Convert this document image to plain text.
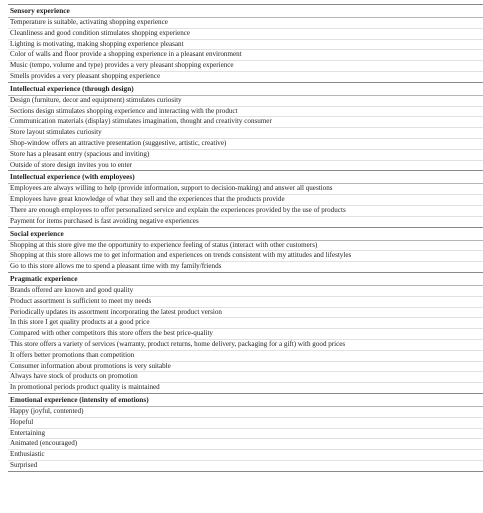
Sensory experience
Temperature is suitable, activating shopping experience
Cleanliness and good condition stimulates shopping experience
Lighting is motivating, making shopping experience pleasant
Color of walls and floor provide a shopping experience in a pleasant environment
Music (tempo, volume and type) provides a very pleasant shopping experience
Smells provides a very pleasant shopping experience
Intellectual experience (through design)
Design (furniture, decor and equipment) stimulates curiosity
Sections design stimulates shopping experience and interacting with the product
Communication materials (display) stimulates imagination, thought and creativity consumer
Store layout stimulates curiosity
Shop-window offers an attractive presentation (suggestive, artistic, creative)
Store has a pleasant entry (spacious and inviting)
Outside of store design invites you to enter
Intellectual experience (with employees)
Employees are always willing to help (provide information, support to decision-making) and answer all questions
Employees have great knowledge of what they sell and the experiences that the products provide
There are enough employees to offer personalized service and explain the experiences provided by the use of products
Payment for items purchased is fast avoiding negative experiences
Social experience
Shopping at this store give me the opportunity to experience feeling of status (interact with other customers)
Shopping at this store allows me to get information and experiences on trends consistent with my attitudes and lifestyles
Go to this store allows me to spend a pleasant time with my family/friends
Pragmatic experience
Brands offered are known and good quality
Product assortment is sufficient to meet my needs
Periodically updates its assortment incorporating the latest product version
In this store I get quality products at a good price
Compared with other competitors this store offers the best price-quality
This store offers a variety of services (warranty, product returns, home delivery, packaging for a gift) with good prices
It offers better promotions than competition
Consumer information about promotions is very suitable
Always have stock of products on promotion
In promotional periods product quality is maintained
Emotional experience (intensity of emotions)
Happy (joyful, contented)
Hopeful
Entertaining
Animated (encouraged)
Enthusiastic
Surprised
